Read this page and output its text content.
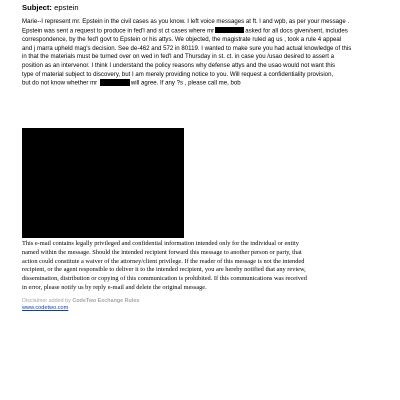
Subject: epstein

Marie--I represent mr. Epstein in the civil cases as you know. I left voice messages at ft. l and wpb, as per your message .

Epstein was sent a request to produce in fed'l and st ct cases where mr	asked for all docs given/sent, includes

correspondence, by the fed'l govt to Epstein or his attys. We objected, the magistrate ruled ag us , took a rule 4 appeal

and j marra upheld mag's decision. See de-462 and 572 in 80119. I wanted to make sure you had actual knowledge of this

in that the materials must be turned over on wed in fed'l and Thursday in st. ct. in case you /usao desired to assert a

position as an intervenor. I think I understand the policy reasons why defense attys and the usao would not want this

type of material subject to discovery, but I am merely providing notice to you. Will request a confidentiality provision,

but do not know whether mr	will agree. If any ?s , please call me, bob

This e-mail contains legally privileged and confidential information intended only for the individual or entity

named within the message. Should the intended recipient forward this message to another person or party, that

action could constitute a waiver of the attorney/client privilege. If the reader of this message is not the intended

recipient, or the agent responsible to deliver it to the intended recipient, you are hereby notified that any review,

dissemination, distribution or copying of this communication is prohibited. If this communications was received

in error, please notify us by reply e-mail and delete the original message.

Disclaimer added by CodeTwo Exchange Rules
www.codetwo.com
